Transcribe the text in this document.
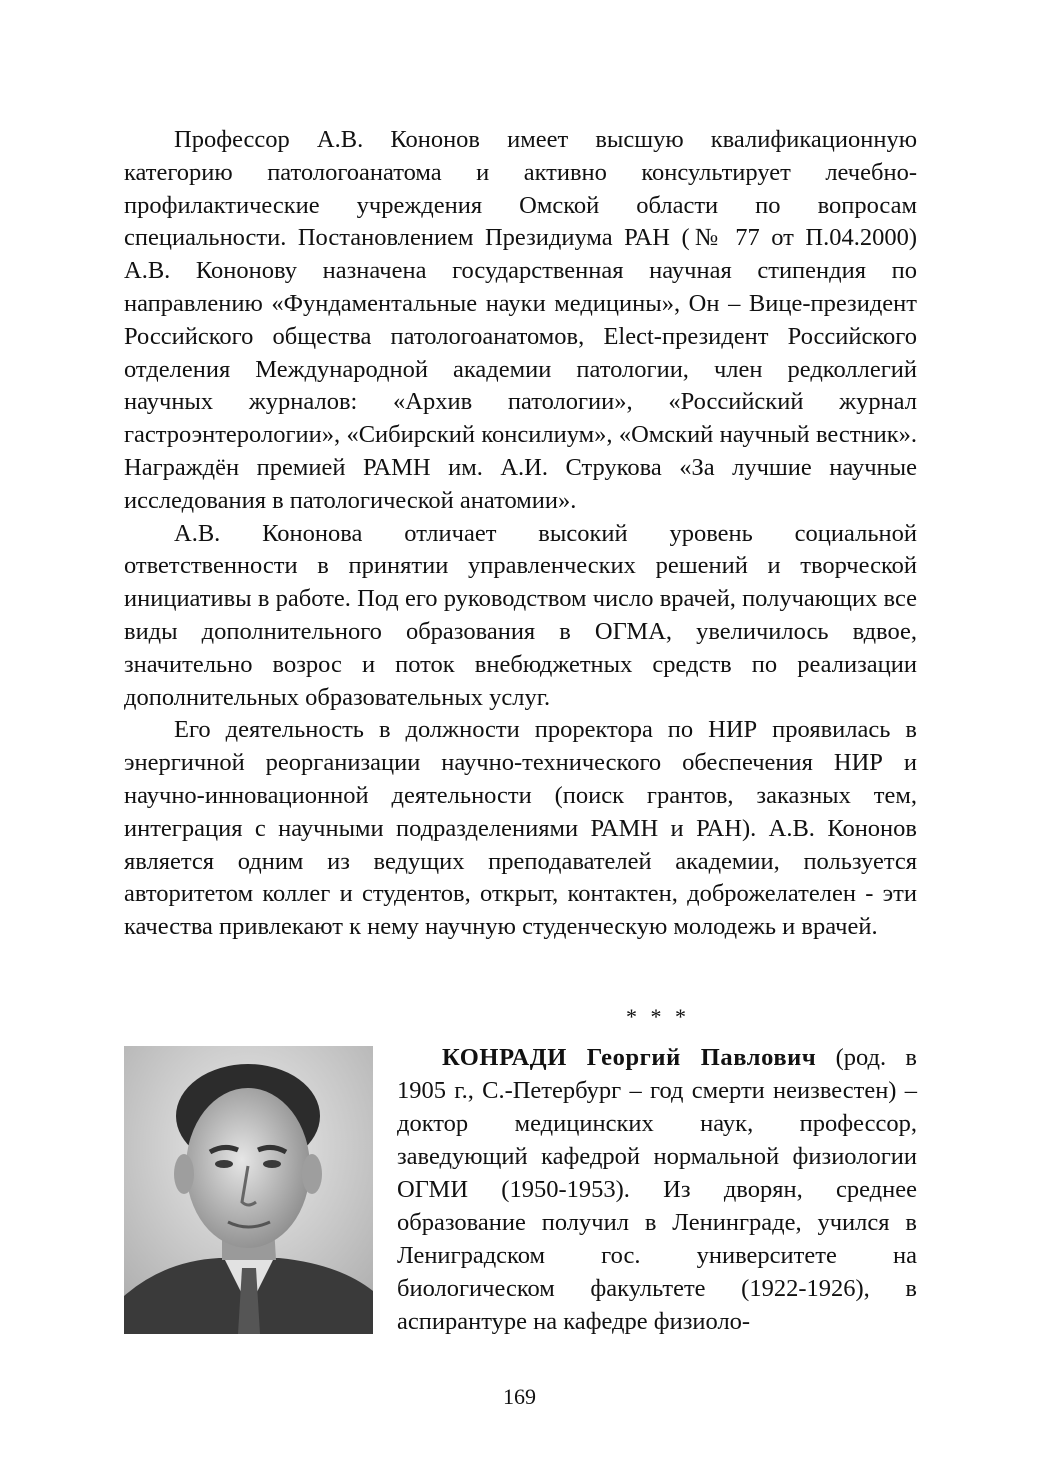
Профессор А.В. Кононов имеет высшую квалификационную категорию патологоанатома и активно консультирует лечебно-профилактические учреждения Омской области по вопросам специальности. Постановлением Президиума РАН (№ 77 от П.04.2000) А.В. Кононову назначена государственная научная стипендия по направлению «Фундаментальные науки медицины», Он – Вице-президент Российского общества патологоанатомов, Elect-президент Российского отделения Международной академии патологии, член редколлегий научных журналов: «Архив патологии», «Российский журнал гастроэнтерологии», «Сибирский консилиум», «Омский научный вестник». Награждён премией РАМН им. А.И. Струкова «За лучшие научные исследования в патологической анатомии».

А.В. Кононова отличает высокий уровень социальной ответственности в принятии управленческих решений и творческой инициативы в работе. Под его руководством число врачей, получающих все виды дополнительного образования в ОГМА, увеличилось вдвое, значительно возрос и поток внебюджетных средств по реализации дополнительных образовательных услуг.

Его деятельность в должности проректора по НИР проявилась в энергичной реорганизации научно-технического обеспечения НИР и научно-инновационной деятельности (поиск грантов, заказных тем, интеграция с научными подразделениями РАМН и РАН). А.В. Кононов является одним из ведущих преподавателей академии, пользуется авторитетом коллег и студентов, открыт, контактен, доброжелателен - эти качества привлекают к нему научную студенческую молодежь и врачей.

* * *

КОНРАДИ Георгий Павлович (род. в 1905 г., С.-Петербург – год смерти неизвестен) – доктор медицинских наук, профессор, заведующий кафедрой нормальной физиологии ОГМИ (1950-1953). Из дворян, среднее образование получил в Ленинграде, учился в Лениградском гос. университете на биологическом факультете (1922-1926), в аспирантуре на кафедре физиоло-

169
